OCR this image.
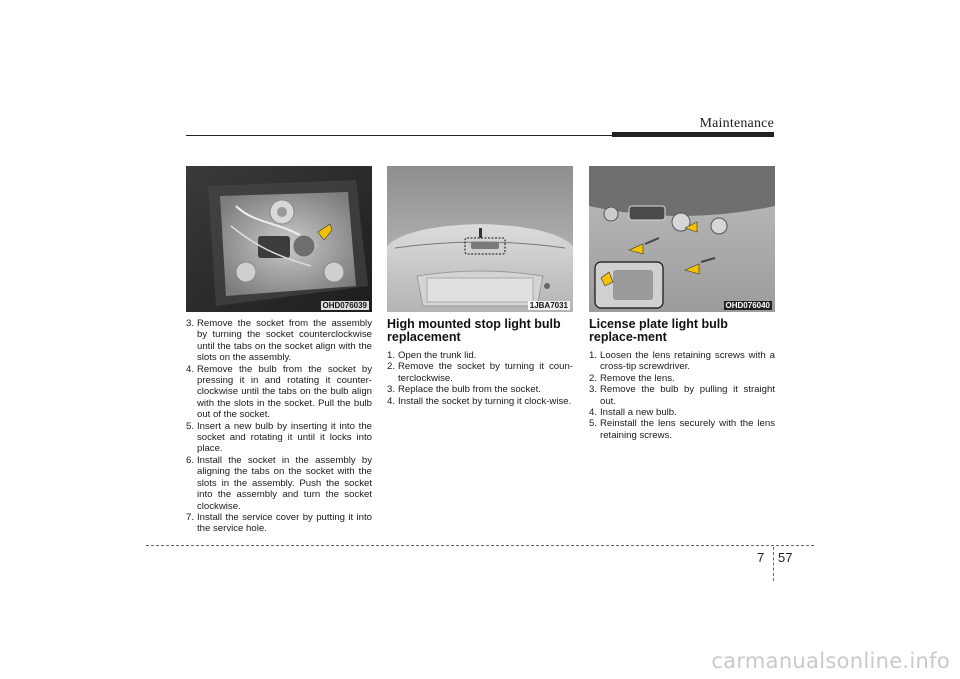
Maintenance
OHD076039
3. Remove the socket from the assembly by turning the socket counterclockwise until the tabs on the socket align with the slots on the assembly.
4. Remove the bulb from the socket by pressing it in and rotating it counter-clockwise until the tabs on the bulb align with the slots in the socket. Pull the bulb out of the socket.
5. Insert a new bulb by inserting it into the socket and rotating it until it locks into place.
6. Install the socket in the assembly by aligning the tabs on the socket with the slots in the assembly. Push the socket into the assembly and turn the socket clockwise.
7. Install the service cover by putting it into the service hole.
1JBA7031
High mounted stop light bulb replacement
1. Open the trunk lid.
2. Remove the socket by turning it coun-terclockwise.
3. Replace the bulb from the socket.
4. Install the socket by turning it clock-wise.
OHD076040
License plate light bulb replace-ment
1. Loosen the lens retaining screws with a cross-tip screwdriver.
2. Remove the lens.
3. Remove the bulb by pulling it straight out.
4. Install a new bulb.
5. Reinstall the lens securely with the lens retaining screws.
7 57
carmanualsonline.info
